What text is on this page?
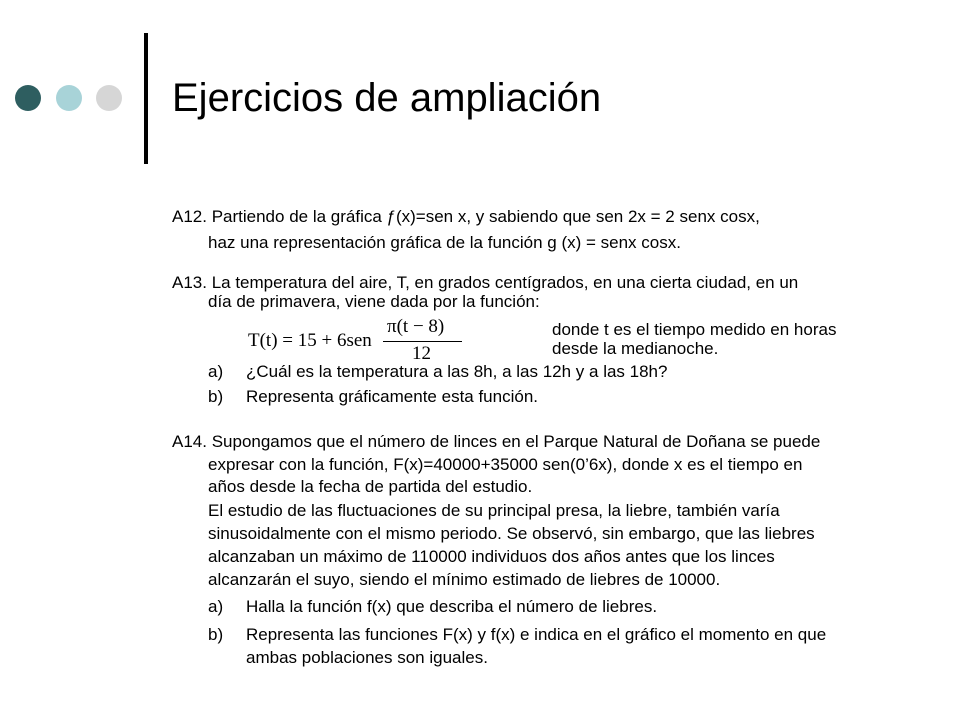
Ejercicios de ampliación
A12. Partiendo de la gráfica ƒ(x)=sen x, y sabiendo que sen 2x = 2 senx cosx,
haz una representación gráfica de la función g (x) = senx cosx.
A13. La temperatura del aire, T, en grados centígrados, en una cierta ciudad, en un
día de primavera, viene dada por la función:
T(t) = 15 + 6sen
π(t − 8)
12
donde t es el tiempo medido en horas
desde la medianoche.
a) ¿Cuál es la temperatura a las 8h, a las 12h y a las 18h?
b) Representa gráficamente esta función.
A14. Supongamos que el número de linces en el Parque Natural de Doñana se puede
expresar con la función, F(x)=40000+35000 sen(0’6x), donde x es el tiempo en
años desde la fecha de partida del estudio.
El estudio de las fluctuaciones de su principal presa, la liebre, también varía
sinusoidalmente con el mismo periodo. Se observó, sin embargo, que las liebres
alcanzaban un máximo de 110000 individuos dos años antes que los linces
alcanzarán el suyo, siendo el mínimo estimado de liebres de 10000.
a) Halla la función f(x) que describa el número de liebres.
b) Representa las funciones F(x) y f(x) e indica en el gráfico el momento en que
ambas poblaciones son iguales.
